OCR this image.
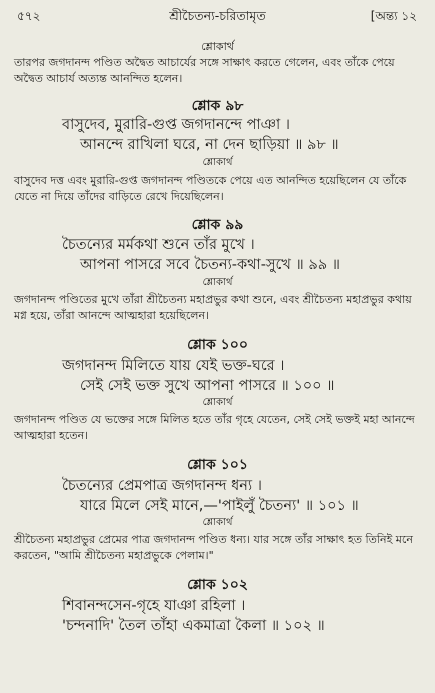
৫৭২	শ্রীচৈতন্য-চরিতামৃত	[অন্ত্য ১২
শ্লোকার্থ
তারপর জগদানন্দ পণ্ডিত অদ্বৈত আচার্যের সঙ্গে সাক্ষাৎ করতে গেলেন, এবং তাঁকে পেয়ে অদ্বৈত আচার্য অত্যন্ত আনন্দিত হলেন।
শ্লোক ৯৮
বাসুদেব, মুরারি-গুপ্ত জগদানন্দে পাঞা ।
আনন্দে রাখিলা ঘরে, না দেন ছাড়িয়া ॥ ৯৮ ॥
শ্লোকার্থ
বাসুদেব দত্ত এবং মুরারি-গুপ্ত জগদানন্দ পণ্ডিতকে পেয়ে এত আনন্দিত হয়েছিলেন যে তাঁকে যেতে না দিয়ে তাঁদের বাড়িতে রেখে দিয়েছিলেন।
শ্লোক ৯৯
চৈতন্যের মর্মকথা শুনে তাঁর মুখে ।
আপনা পাসরে সবে চৈতন্য-কথা-সুখে ॥ ৯৯ ॥
শ্লোকার্থ
জগদানন্দ পণ্ডিতের মুখে তাঁরা শ্রীচৈতন্য মহাপ্রভুর কথা শুনে, এবং শ্রীচৈতন্য মহাপ্রভুর কথায় মগ্ন হয়ে, তাঁরা আনন্দে আত্মহারা হয়েছিলেন।
শ্লোক ১০০
জগদানন্দ মিলিতে যায় যেই ভক্ত-ঘরে ।
সেই সেই ভক্ত সুখে আপনা পাসরে ॥ ১০০ ॥
শ্লোকার্থ
জগদানন্দ পণ্ডিত যে ভক্তের সঙ্গে মিলিত হতে তাঁর গৃহে যেতেন, সেই সেই ভক্তই মহা আনন্দে আত্মহারা হতেন।
শ্লোক ১০১
চৈতন্যের প্রেমপাত্র জগদানন্দ ধন্য ।
যারে মিলে সেই মানে,—'পাইলুঁ চৈতন্য' ॥ ১০১ ॥
শ্লোকার্থ
শ্রীচৈতন্য মহাপ্রভুর প্রেমের পাত্র জগদানন্দ পণ্ডিত ধন্য। যার সঙ্গে তাঁর সাক্ষাৎ হত তিনিই মনে করতেন, "আমি শ্রীচৈতন্য মহাপ্রভুকে পেলাম।"
শ্লোক ১০২
শিবানন্দসেন-গৃহে যাঞা রহিলা ।
'চন্দনাদি' তৈল তাঁহা একমাত্রা কৈলা ॥ ১০২ ॥
